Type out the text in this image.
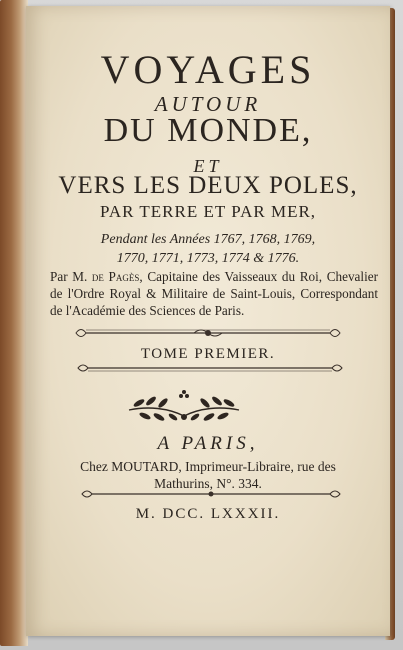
VOYAGES
AUTOUR
DU MONDE,
ET
VERS LES DEUX POLES,
PAR TERRE ET PAR MER,
Pendant les Années 1767, 1768, 1769,
1770, 1771, 1773, 1774 & 1776.
Par M. de Pagès, Capitaine des Vaisseaux du Roi, Chevalier de l'Ordre Royal & Militaire de Saint-Louis, Correspondant de l'Académie des Sciences de Paris.
TOME PREMIER.
A PARIS,
Chez MOUTARD, Imprimeur-Libraire, rue des
Mathurins, N°. 334.
M. DCC. LXXXII.
